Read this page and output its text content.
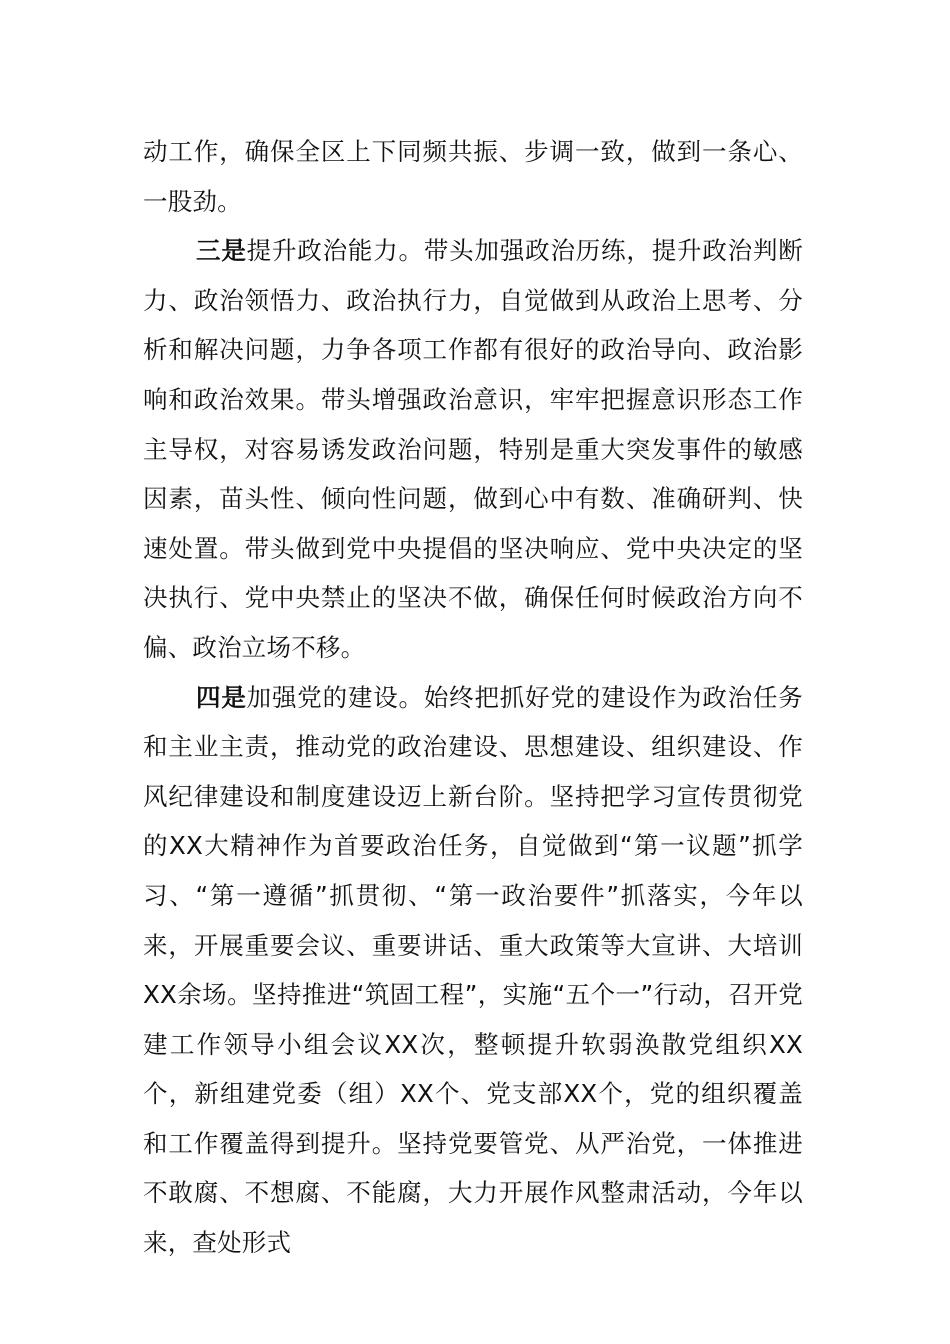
动工作，确保全区上下同频共振、步调一致，做到一条心、一股劲。

三是提升政治能力。带头加强政治历练，提升政治判断力、政治领悟力、政治执行力，自觉做到从政治上思考、分析和解决问题，力争各项工作都有很好的政治导向、政治影响和政治效果。带头增强政治意识，牢牢把握意识形态工作主导权，对容易诱发政治问题，特别是重大突发事件的敏感因素，苗头性、倾向性问题，做到心中有数、准确研判、快速处置。带头做到党中央提倡的坚决响应、党中央决定的坚决执行、党中央禁止的坚决不做，确保任何时候政治方向不偏、政治立场不移。

四是加强党的建设。始终把抓好党的建设作为政治任务和主业主责，推动党的政治建设、思想建设、组织建设、作风纪律建设和制度建设迈上新台阶。坚持把学习宣传贯彻党的XX大精神作为首要政治任务，自觉做到“第一议题”抓学习、“第一遵循”抓贯彻、“第一政治要件”抓落实，今年以来，开展重要会议、重要讲话、重大政策等大宣讲、大培训XX余场。坚持推进“筑固工程”，实施“五个一”行动，召开党建工作领导小组会议XX次，整顿提升软弱涣散党组织XX个，新组建党委（组）XX个、党支部XX个，党的组织覆盖和工作覆盖得到提升。坚持党要管党、从严治党，一体推进不敢腐、不想腐、不能腐，大力开展作风整肃活动，今年以来，查处形式
